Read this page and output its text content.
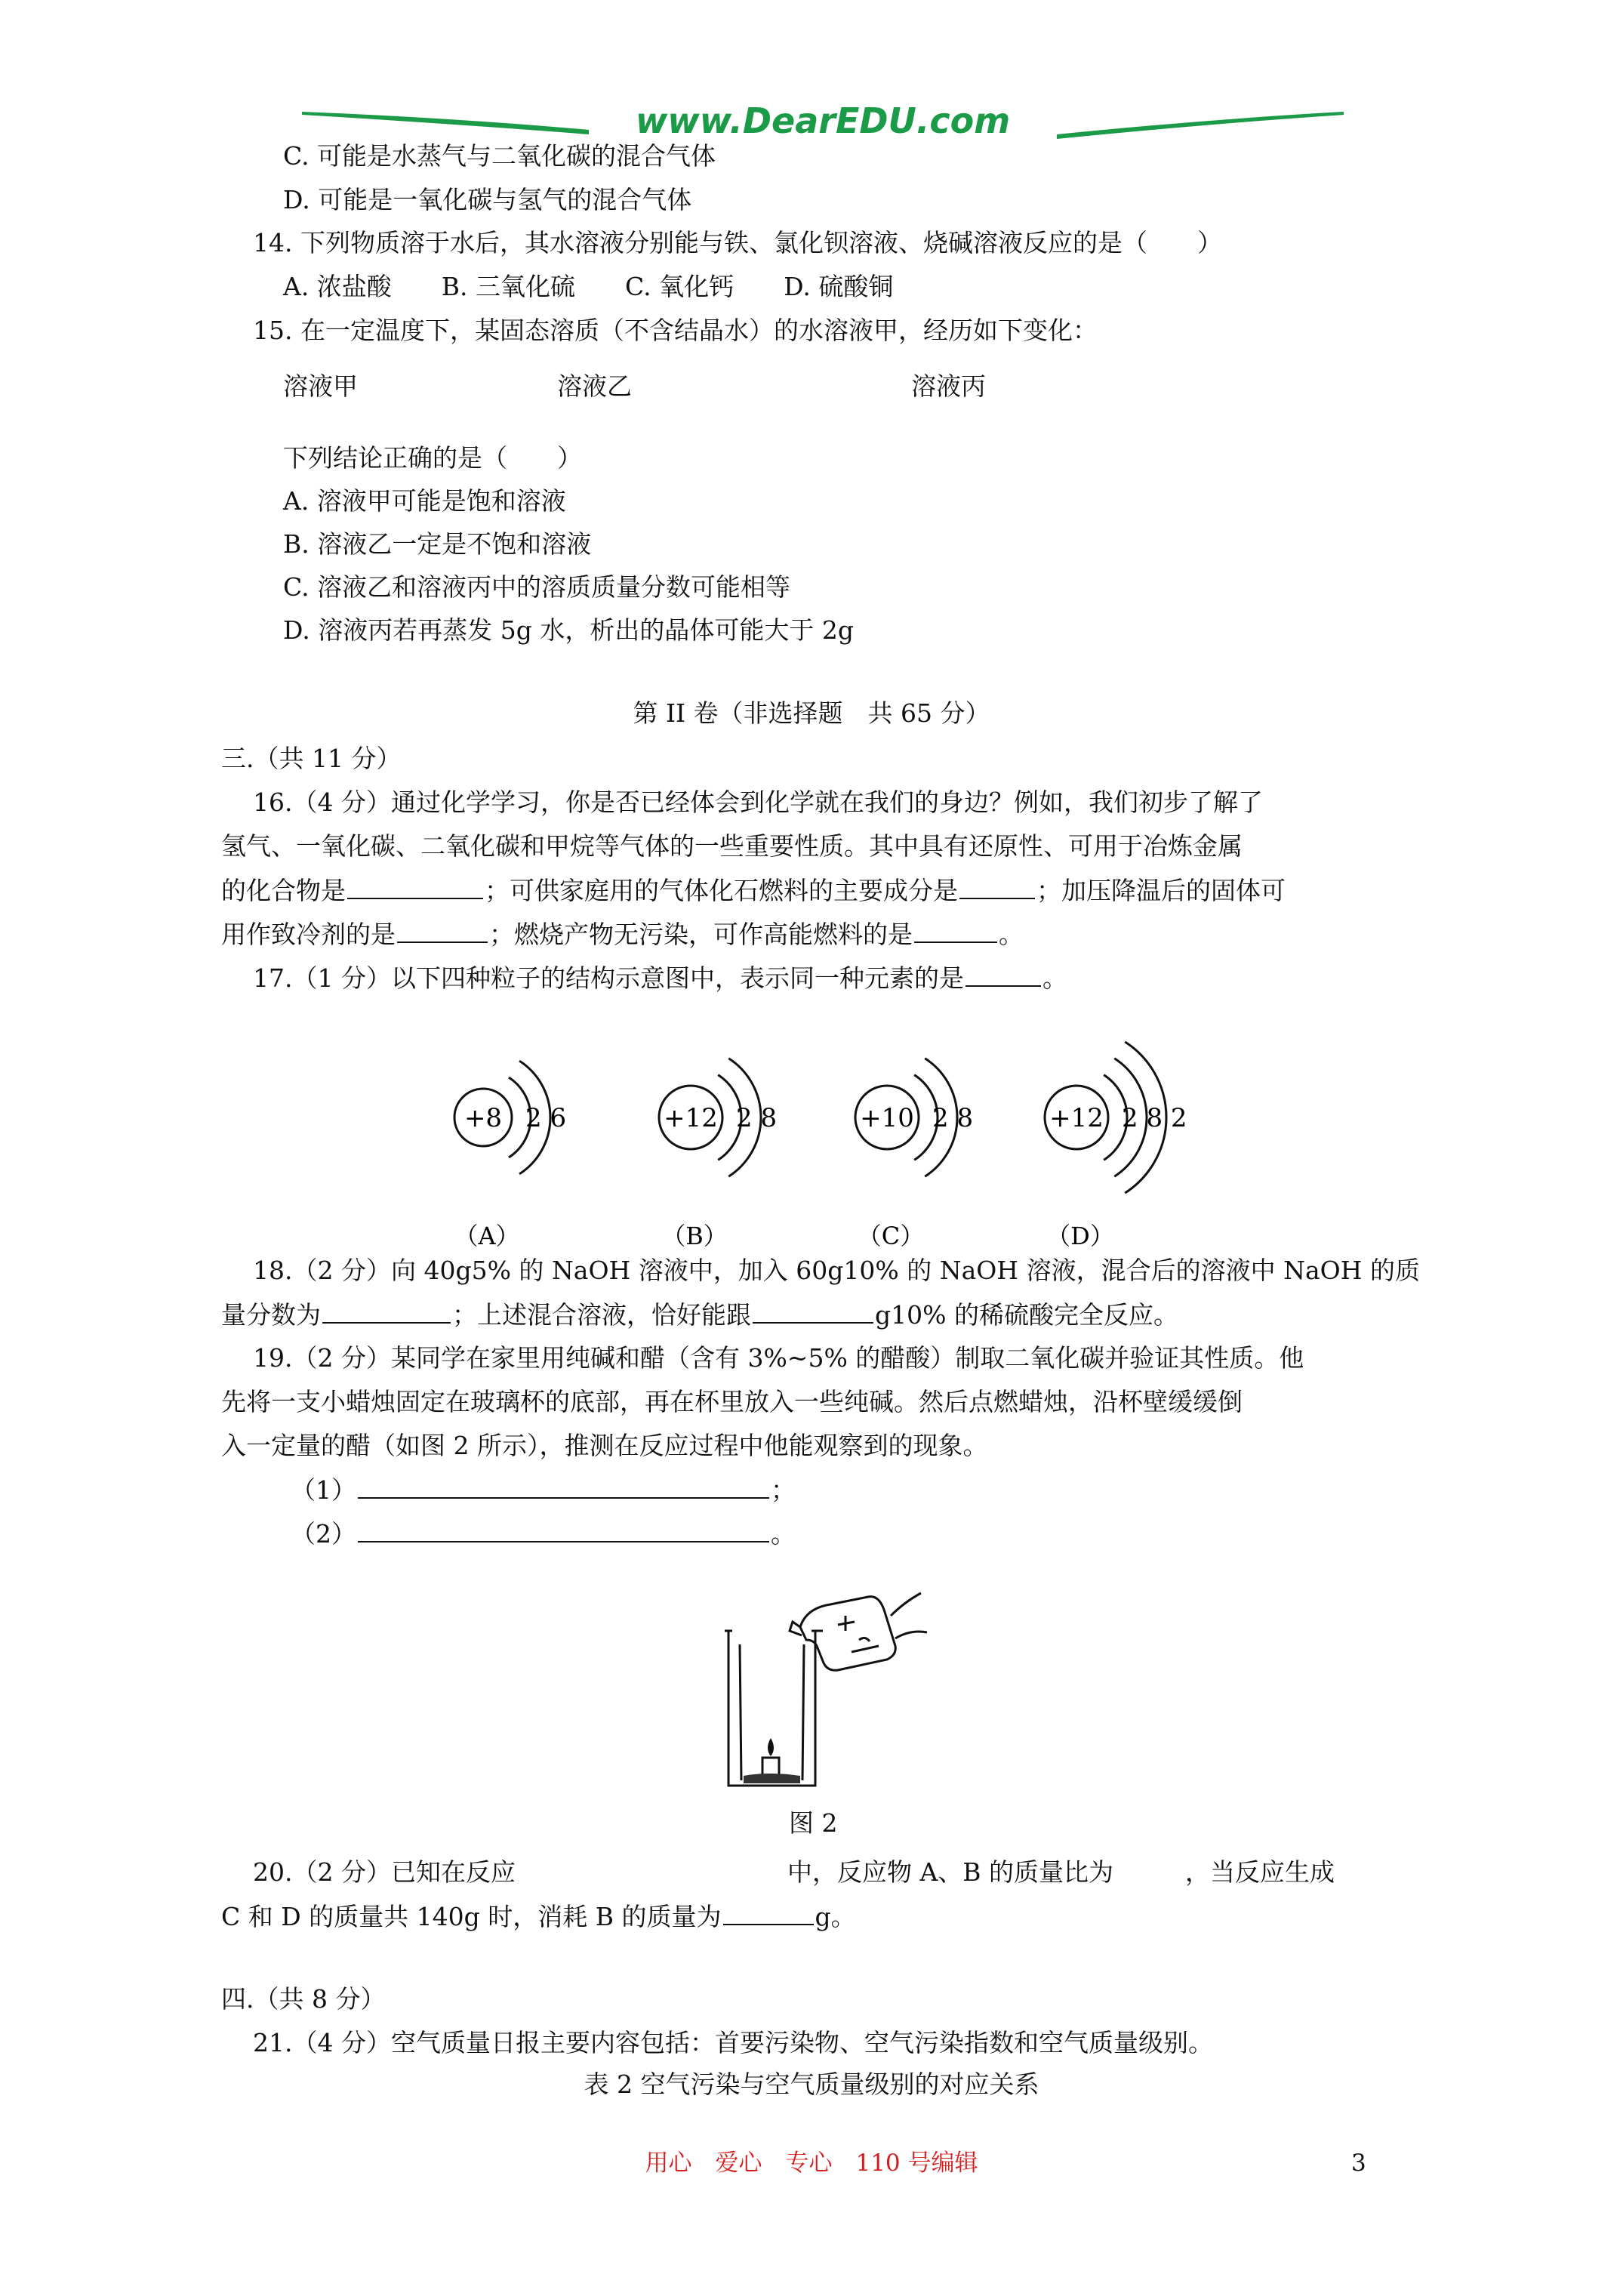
www.DearEDU.com
C. 可能是水蒸气与二氧化碳的混合气体
D. 可能是一氧化碳与氢气的混合气体
14. 下列物质溶于水后，其水溶液分别能与铁、氯化钡溶液、烧碱溶液反应的是（　　）
A. 浓盐酸　　B. 三氧化硫　　C. 氧化钙　　D. 硫酸铜
15. 在一定温度下，某固态溶质（不含结晶水）的水溶液甲，经历如下变化：
溶液甲	溶液乙	溶液丙
下列结论正确的是（　　）
A. 溶液甲可能是饱和溶液
B. 溶液乙一定是不饱和溶液
C. 溶液乙和溶液丙中的溶质质量分数可能相等
D. 溶液丙若再蒸发 5g 水，析出的晶体可能大于 2g
第 II 卷（非选择题　共 65 分）
三.（共 11 分）
16.（4 分）通过化学学习，你是否已经体会到化学就在我们的身边？例如，我们初步了解了
氢气、一氧化碳、二氧化碳和甲烷等气体的一些重要性质。其中具有还原性、可用于冶炼金属
的化合物是	；可供家庭用的气体化石燃料的主要成分是	；加压降温后的固体可
用作致冷剂的是	；燃烧产物无污染，可作高能燃料的是	。
17.（1 分）以下四种粒子的结构示意图中，表示同一种元素的是	。
+8 2 6
（A）
+12 2 8
（B）
+10 2 8
（C）
+12 2 8 2
（D）
18.（2 分）向 40g5% 的 NaOH 溶液中，加入 60g10% 的 NaOH 溶液，混合后的溶液中 NaOH 的质
量分数为	；上述混合溶液，恰好能跟	g10% 的稀硫酸完全反应。
19.（2 分）某同学在家里用纯碱和醋（含有 3%~5% 的醋酸）制取二氧化碳并验证其性质。他
先将一支小蜡烛固定在玻璃杯的底部，再在杯里放入一些纯碱。然后点燃蜡烛，沿杯壁缓缓倒
入一定量的醋（如图 2 所示），推测在反应过程中他能观察到的现象。
（1）	；
（2）	。
图 2
20.（2 分）已知在反应	中，反应物 A、B 的质量比为	，当反应生成
C 和 D 的质量共 140g 时，消耗 B 的质量为	g。
四.（共 8 分）
21.（4 分）空气质量日报主要内容包括：首要污染物、空气污染指数和空气质量级别。
表 2 空气污染与空气质量级别的对应关系
用心　爱心　专心　110 号编辑	3
